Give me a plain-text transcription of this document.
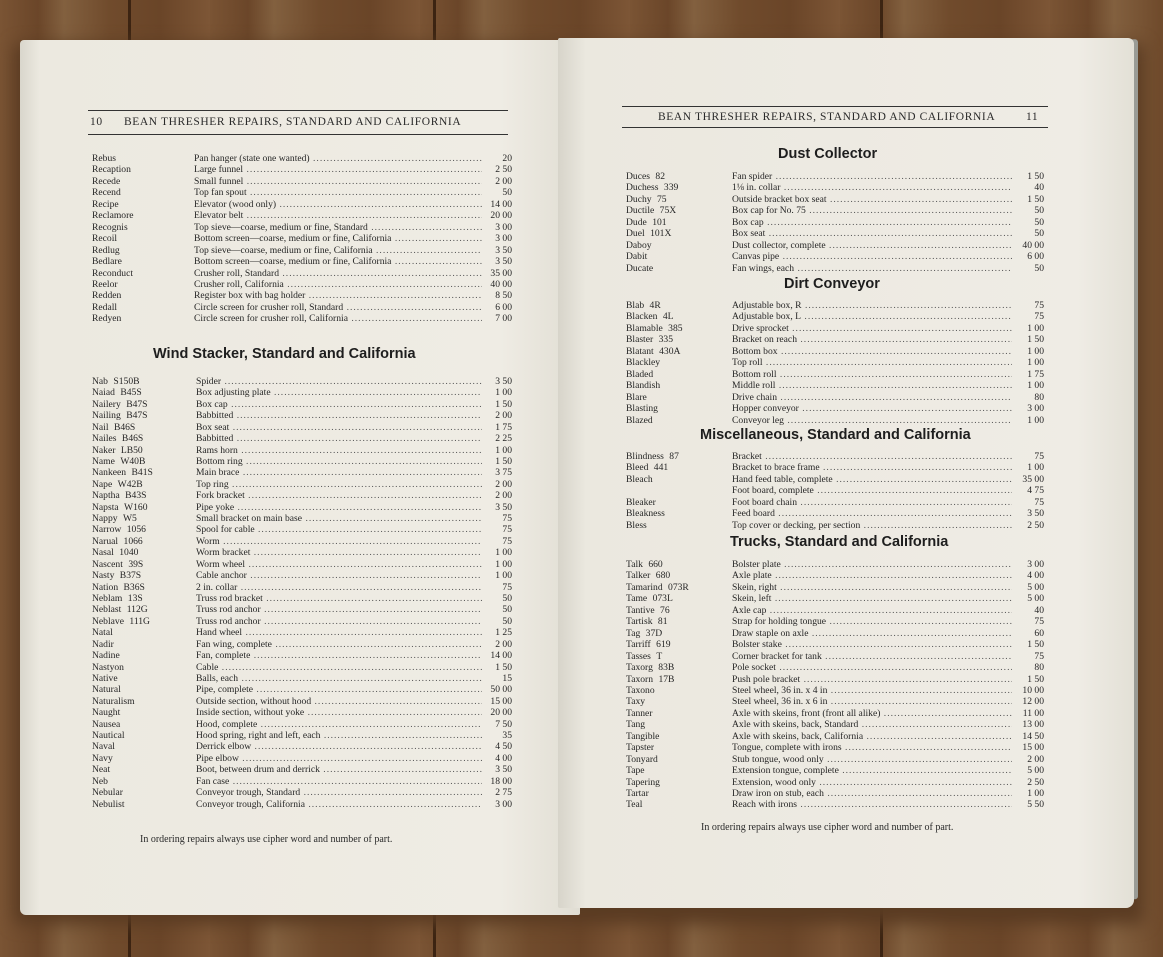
10 BEAN THRESHER REPAIRS, STANDARD AND CALIFORNIA
Rebus	Pan hanger (state one wanted) .....	20
Recaption	Large funnel .....	2 50
Recede	Small funnel .....	2 00
Recend	Top fan spout .....	50
Recipe	Elevator (wood only) .....	14 00
Reclamore	Elevator belt .....	20 00
Recognis	Top sieve—coarse, medium or fine, Standard .....	3 00
Recoil	Bottom screen—coarse, medium or fine, California .....	3 00
Redlug	Top sieve—coarse, medium or fine, California .....	3 50
Bedlare	Bottom screen—coarse, medium or fine, California .....	3 50
Reconduct	Crusher roll, Standard .....	35 00
Reelor	Crusher roll, California .....	40 00
Redden	Register box with bag holder .....	8 50
Redall	Circle screen for crusher roll, Standard .....	6 00
Redyen	Circle screen for crusher roll, California .....	7 00
Wind Stacker, Standard and California
Nab S150B	Spider .....	3 50
Naiad B45S	Box adjusting plate .....	1 00
Nailery B47S	Box cap .....	1 50
Nailing B47S	Babbitted .....	2 00
Nail B46S	Box seat .....	1 75
Nailes B46S	Babbitted .....	2 25
Naker LB50	Rams horn .....	1 00
Name W40B	Bottom ring .....	1 50
Nankeen B41S	Main brace .....	3 75
Nape W42B	Top ring .....	2 00
Naptha B43S	Fork bracket .....	2 00
Napsta W160	Pipe yoke .....	3 50
Nappy W5	Small bracket on main base .....	75
Narrow 1056	Spool for cable .....	75
Narual 1066	Worm .....	75
Nasal 1040	Worm bracket .....	1 00
Nascent 39S	Worm wheel .....	1 00
Nasty B37S	Cable anchor .....	1 00
Nation B36S	2 in. collar .....	75
Neblam 13S	Truss rod bracket .....	50
Neblast 112G	Truss rod anchor .....	50
Neblave 111G	Truss rod anchor .....	50
Natal	Hand wheel .....	1 25
Nadir	Fan wing, complete .....	2 00
Nadine	Fan, complete .....	14 00
Nastyon	Cable .....	1 50
Native	Balls, each .....	15
Natural	Pipe, complete .....	50 00
Naturalism	Outside section, without hood .....	15 00
Naught	Inside section, without yoke .....	20 00
Nausea	Hood, complete .....	7 50
Nautical	Hood spring, right and left, each .....	35
Naval	Derrick elbow .....	4 50
Navy	Pipe elbow .....	4 00
Neat	Boot, between drum and derrick .....	3 50
Neb	Fan case .....	18 00
Nebular	Conveyor trough, Standard .....	2 75
Nebulist	Conveyor trough, California .....	3 00
In ordering repairs always use cipher word and number of part.
BEAN THRESHER REPAIRS, STANDARD AND CALIFORNIA	11
Dust Collector
Duces 82	Fan spider .....	1 50
Duchess 339	1⅛ in. collar .....	40
Duchy 75	Outside bracket box seat .....	1 50
Ductile 75X	Box cap for No. 75 .....	50
Dude 101	Box cap .....	50
Duel 101X	Box seat .....	50
Daboy	Dust collector, complete .....	40 00
Dabit	Canvas pipe .....	6 00
Ducate	Fan wings, each .....	50
Dirt Conveyor
Blab 4R	Adjustable box, R .....	75
Blacken 4L	Adjustable box, L .....	75
Blamable 385	Drive sprocket .....	1 00
Blaster 335	Bracket on reach .....	1 50
Blatant 430A	Bottom box .....	1 00
Blackley	Top roll .....	1 00
Bladed	Bottom roll .....	1 75
Blandish	Middle roll .....	1 00
Blare	Drive chain .....	80
Blasting	Hopper conveyor .....	3 00
Blazed	Conveyor leg .....	1 00
Miscellaneous, Standard and California
Blindness 87	Bracket .....	75
Bleed 441	Bracket to brace frame .....	1 00
Bleach	Hand feed table, complete .....	35 00
Foot board, complete .....	4 75
Bleaker	Foot board chain .....	75
Bleakness	Feed board .....	3 50
Bless	Top cover or decking, per section .....	2 50
Trucks, Standard and California
Talk 660	Bolster plate .....	3 00
Talker 680	Axle plate .....	4 00
Tamarind 073R	Skein, right .....	5 00
Tame 073L	Skein, left .....	5 00
Tantive 76	Axle cap .....	40
Tartisk 81	Strap for holding tongue .....	75
Tag 37D	Draw staple on axle .....	60
Tarriff 619	Bolster stake .....	1 50
Tasses T	Corner bracket for tank .....	75
Taxorg 83B	Pole socket .....	80
Taxorn 17B	Push pole bracket .....	1 50
Taxono	Steel wheel, 36 in. x 4 in .....	10 00
Taxy	Steel wheel, 36 in. x 6 in .....	12 00
Tanner	Axle with skeins, front (front all alike) .....	11 00
Tang	Axle with skeins, back, Standard .....	13 00
Tangible	Axle with skeins, back, California .....	14 50
Tapster	Tongue, complete with irons .....	15 00
Tonyard	Stub tongue, wood only .....	2 00
Tape	Extension tongue, complete .....	5 00
Tapering	Extension, wood only .....	2 50
Tartar	Draw iron on stub, each .....	1 00
Teal	Reach with irons .....	5 50
In ordering repairs always use cipher word and number of part.
